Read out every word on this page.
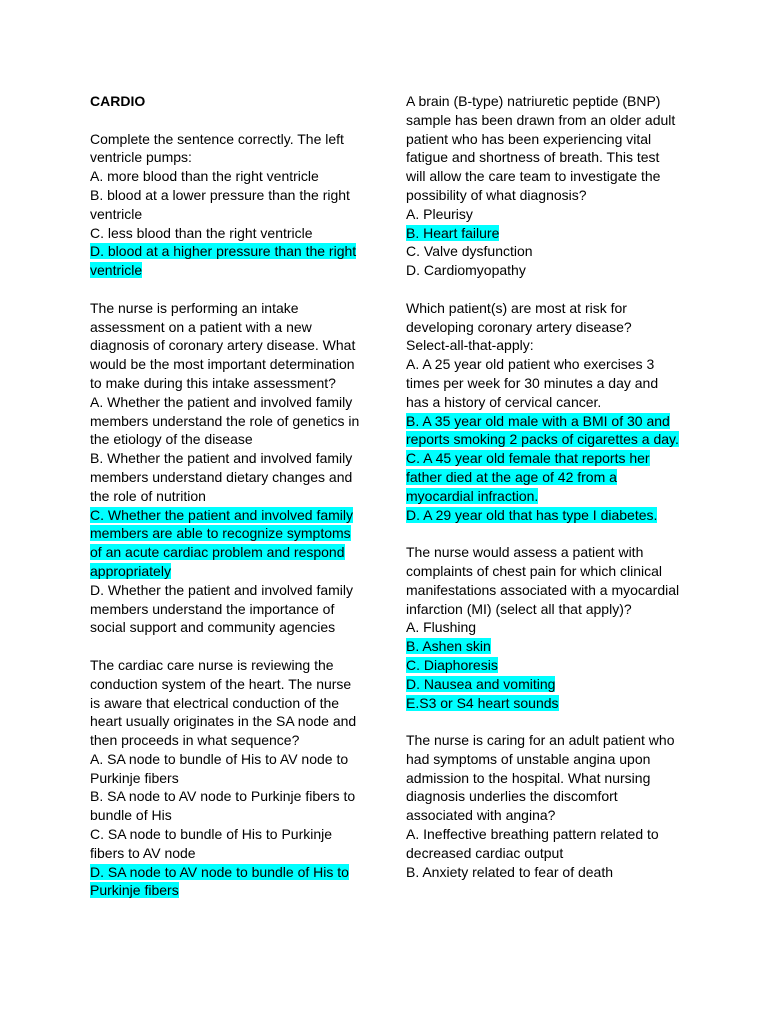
CARDIO
Complete the sentence correctly. The left
ventricle pumps:
A. more blood than the right ventricle
B. blood at a lower pressure than the right
ventricle
C. less blood than the right ventricle
D. blood at a higher pressure than the right
ventricle
The nurse is performing an intake
assessment on a patient with a new
diagnosis of coronary artery disease. What
would be the most important determination
to make during this intake assessment?
A. Whether the patient and involved family
members understand the role of genetics in
the etiology of the disease
B. Whether the patient and involved family
members understand dietary changes and
the role of nutrition
C. Whether the patient and involved family
members are able to recognize symptoms
of an acute cardiac problem and respond
appropriately
D. Whether the patient and involved family
members understand the importance of
social support and community agencies
The cardiac care nurse is reviewing the
conduction system of the heart. The nurse
is aware that electrical conduction of the
heart usually originates in the SA node and
then proceeds in what sequence?
A. SA node to bundle of His to AV node to
Purkinje fibers
B. SA node to AV node to Purkinje fibers to
bundle of His
C. SA node to bundle of His to Purkinje
fibers to AV node
D. SA node to AV node to bundle of His to
Purkinje fibers
A brain (B-type) natriuretic peptide (BNP)
sample has been drawn from an older adult
patient who has been experiencing vital
fatigue and shortness of breath. This test
will allow the care team to investigate the
possibility of what diagnosis?
A. Pleurisy
B. Heart failure
C. Valve dysfunction
D. Cardiomyopathy
Which patient(s) are most at risk for
developing coronary artery disease?
Select-all-that-apply:
A. A 25 year old patient who exercises 3
times per week for 30 minutes a day and
has a history of cervical cancer.
B. A 35 year old male with a BMI of 30 and
reports smoking 2 packs of cigarettes a day.
C. A 45 year old female that reports her
father died at the age of 42 from a
myocardial infraction.
D. A 29 year old that has type I diabetes.
The nurse would assess a patient with
complaints of chest pain for which clinical
manifestations associated with a myocardial
infarction (MI) (select all that apply)?
A. Flushing
B. Ashen skin
C. Diaphoresis
D. Nausea and vomiting
E.S3 or S4 heart sounds
The nurse is caring for an adult patient who
had symptoms of unstable angina upon
admission to the hospital. What nursing
diagnosis underlies the discomfort
associated with angina?
A. Ineffective breathing pattern related to
decreased cardiac output
B. Anxiety related to fear of death
